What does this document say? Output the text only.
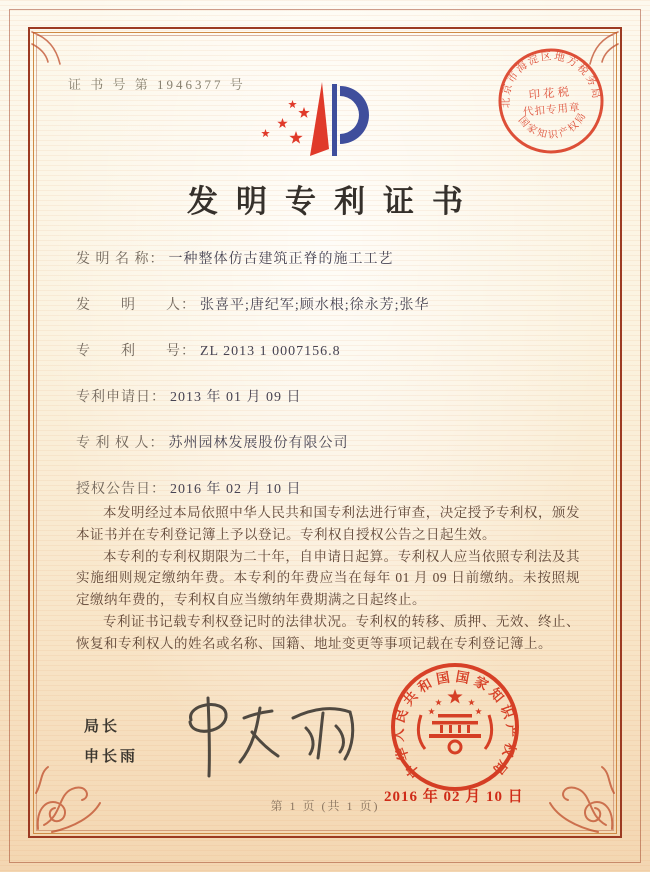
证 书 号 第 1946377 号
北京市海淀区地方税务局
国家知识产权局
印花税
代扣专用章
发明专利证书
发 明 名 称： 一种整体仿古建筑正脊的施工工艺
发　　明　　人： 张喜平;唐纪军;顾水根;徐永芳;张华
专　　利　　号： ZL 2013 1 0007156.8
专利申请日： 2013 年 01 月 09 日
专 利 权 人： 苏州园林发展股份有限公司
授权公告日： 2016 年 02 月 10 日

本发明经过本局依照中华人民共和国专利法进行审查，决定授予专利权，颁发本证书并在专利登记簿上予以登记。专利权自授权公告之日起生效。

本专利的专利权期限为二十年，自申请日起算。专利权人应当依照专利法及其实施细则规定缴纳年费。本专利的年费应当在每年 01 月 09 日前缴纳。未按照规定缴纳年费的，专利权自应当缴纳年费期满之日起终止。

专利证书记载专利权登记时的法律状况。专利权的转移、质押、无效、终止、恢复和专利权人的姓名或名称、国籍、地址变更等事项记载在专利登记簿上。

局长
申长雨
中华人民共和国国家知识产权局
2016 年 02 月 10 日
第 1 页 (共 1 页)
